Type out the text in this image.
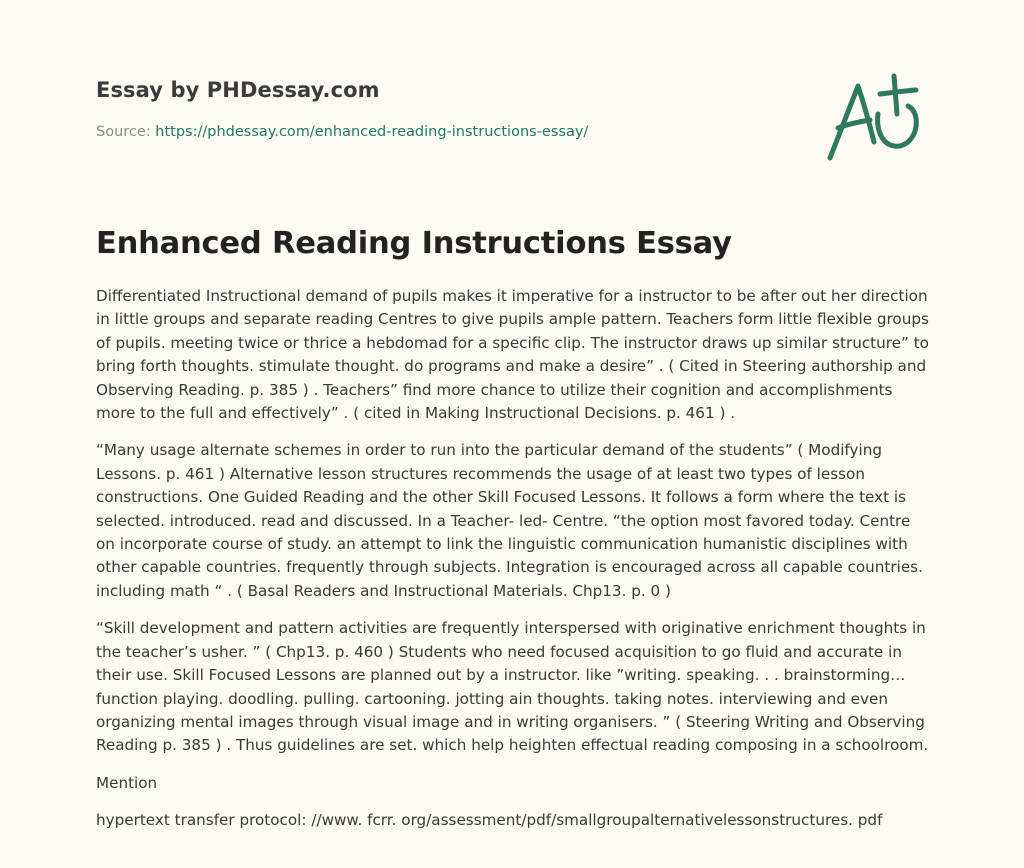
Essay by PHDessay.com

Source: https://phdessay.com/enhanced-reading-instructions-essay/

Enhanced Reading Instructions Essay

Differentiated Instructional demand of pupils makes it imperative for a instructor to be after out her direction in little groups and separate reading Centres to give pupils ample pattern. Teachers form little flexible groups of pupils. meeting twice or thrice a hebdomad for a specific clip. The instructor draws up similar structure” to bring forth thoughts. stimulate thought. do programs and make a desire” . ( Cited in Steering authorship and Observing Reading. p. 385 ) . Teachers” find more chance to utilize their cognition and accomplishments more to the full and effectively” . ( cited in Making Instructional Decisions. p. 461 ) .

“Many usage alternate schemes in order to run into the particular demand of the students” ( Modifying Lessons. p. 461 ) Alternative lesson structures recommends the usage of at least two types of lesson constructions. One Guided Reading and the other Skill Focused Lessons. It follows a form where the text is selected. introduced. read and discussed. In a Teacher- led- Centre. “the option most favored today. Centre on incorporate course of study. an attempt to link the linguistic communication humanistic disciplines with other capable countries. frequently through subjects. Integration is encouraged across all capable countries. including math “ . ( Basal Readers and Instructional Materials. Chp13. p. 0 )

“Skill development and pattern activities are frequently interspersed with originative enrichment thoughts in the teacher’s usher. ” ( Chp13. p. 460 ) Students who need focused acquisition to go fluid and accurate in their use. Skill Focused Lessons are planned out by a instructor. like ”writing. speaking. . . brainstorming… function playing. doodling. pulling. cartooning. jotting ain thoughts. taking notes. interviewing and even organizing mental images through visual image and in writing organisers. ” ( Steering Writing and Observing Reading p. 385 ) . Thus guidelines are set. which help heighten effectual reading composing in a schoolroom.

Mention

hypertext transfer protocol: //www. fcrr. org/assessment/pdf/smallgroupalternativelessonstructures. pdf
